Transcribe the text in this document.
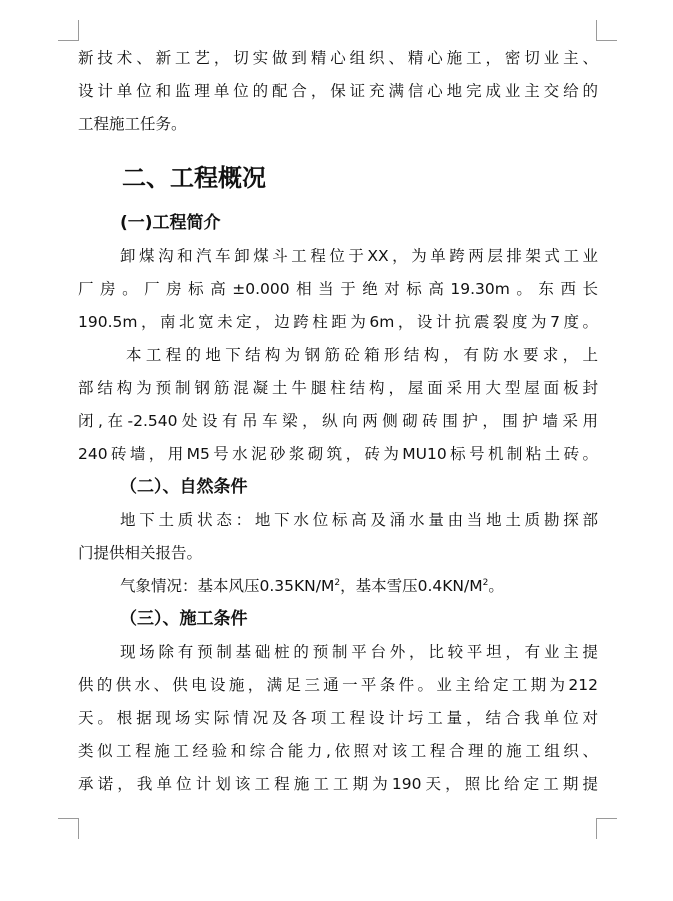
新技术、新工艺，切实做到精心组织、精心施工，密切业主、
设计单位和监理单位的配合，保证充满信心地完成业主交给的
工程施工任务。
二、工程概况
(一)工程简介
卸煤沟和汽车卸煤斗工程位于XX，为单跨两层排架式工业
厂房。厂房标高±0.000相当于绝对标高19.30m。东西长
190.5m，南北宽未定，边跨柱距为6m，设计抗震裂度为7度。
本工程的地下结构为钢筋砼箱形结构，有防水要求，上
部结构为预制钢筋混凝土牛腿柱结构，屋面采用大型屋面板封
闭,在-2.540处设有吊车梁，纵向两侧砌砖围护，围护墙采用
240砖墙，用M5号水泥砂浆砌筑，砖为MU10标号机制粘土砖。
（二）、自然条件
地下土质状态：地下水位标高及涌水量由当地土质勘探部
门提供相关报告。
气象情况：基本风压$0.35KN/M^2$，基本雪压$0.4KN/M^2$。
（三）、施工条件
现场除有预制基础桩的预制平台外，比较平坦，有业主提
供的供水、供电设施，满足三通一平条件。业主给定工期为212
天。根据现场实际情况及各项工程设计圬工量，结合我单位对
类似工程施工经验和综合能力,依照对该工程合理的施工组织、
承诺，我单位计划该工程施工工期为190天，照比给定工期提
